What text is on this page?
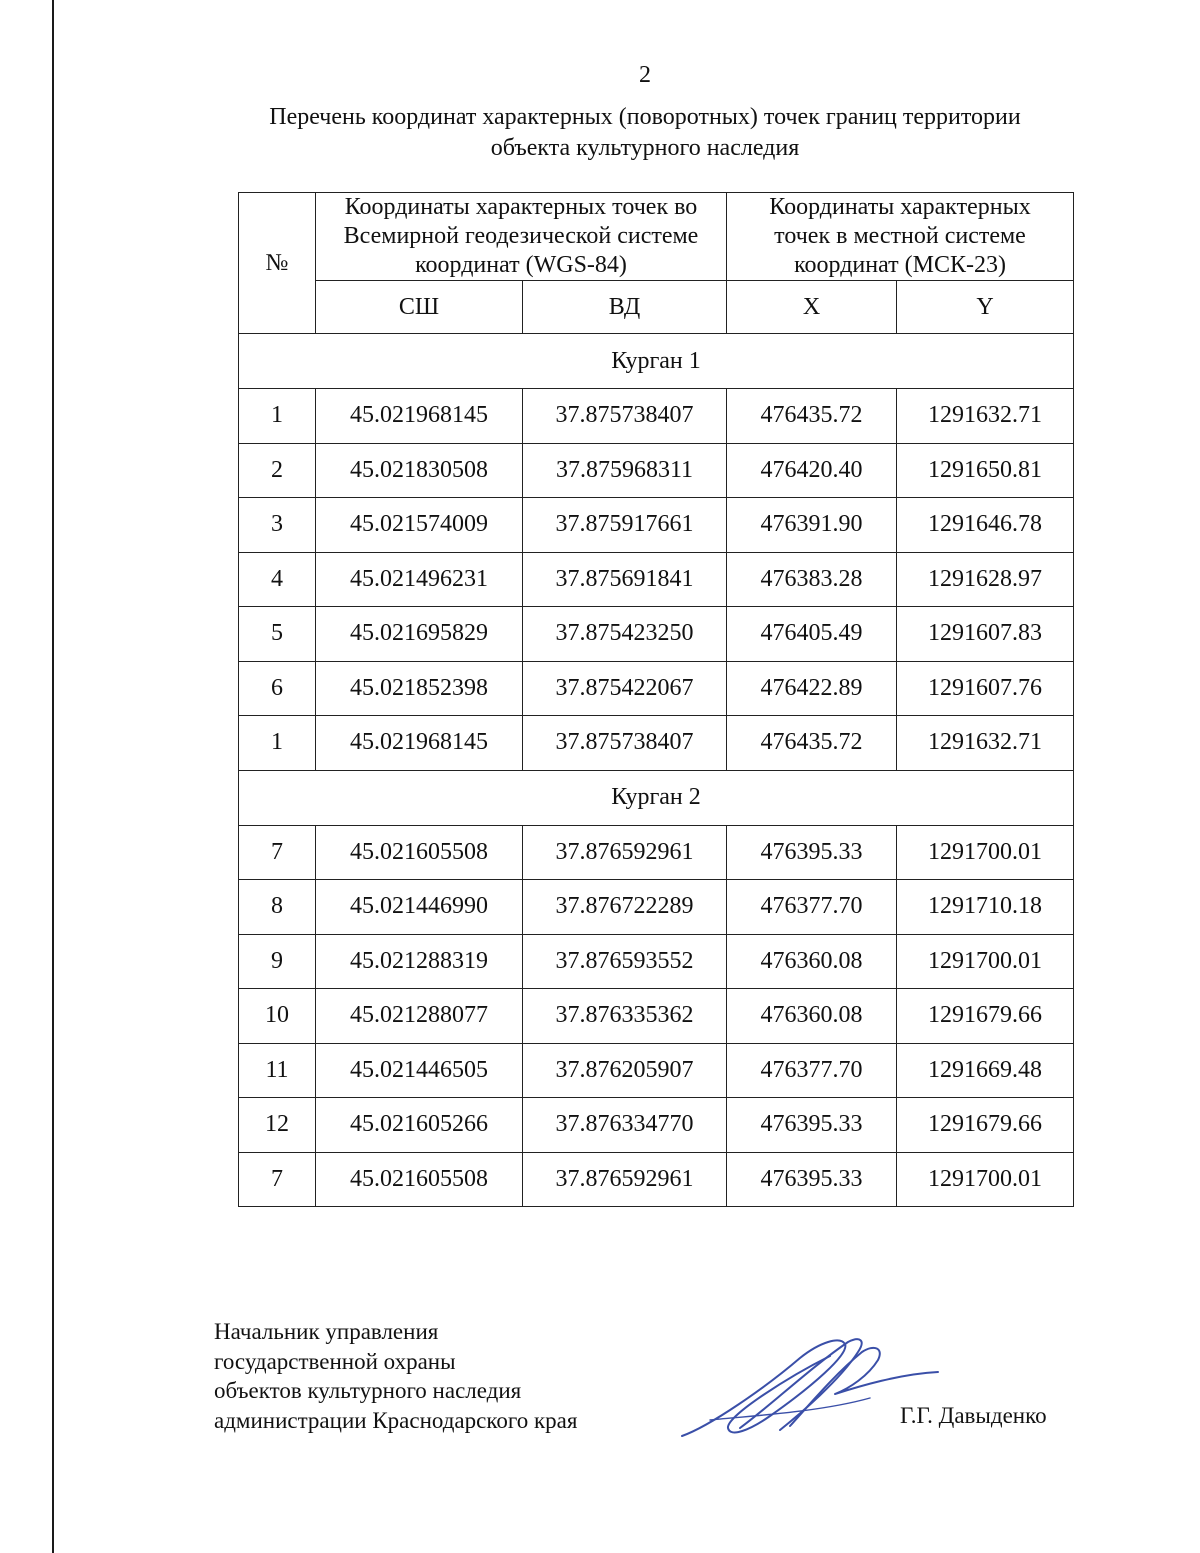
2
Перечень координат характерных (поворотных) точек границ территории
объекта культурного наследия
№	Координаты характерных точек во Всемирной геодезической системе координат (WGS-84)		Координаты характерных точек в местной системе координат (МСК-23)	
	СШ	ВД	X	Y
Курган 1				
1	45.021968145	37.875738407	476435.72	1291632.71
2	45.021830508	37.875968311	476420.40	1291650.81
3	45.021574009	37.875917661	476391.90	1291646.78
4	45.021496231	37.875691841	476383.28	1291628.97
5	45.021695829	37.875423250	476405.49	1291607.83
6	45.021852398	37.875422067	476422.89	1291607.76
1	45.021968145	37.875738407	476435.72	1291632.71
Курган 2				
7	45.021605508	37.876592961	476395.33	1291700.01
8	45.021446990	37.876722289	476377.70	1291710.18
9	45.021288319	37.876593552	476360.08	1291700.01
10	45.021288077	37.876335362	476360.08	1291679.66
11	45.021446505	37.876205907	476377.70	1291669.48
12	45.021605266	37.876334770	476395.33	1291679.66
7	45.021605508	37.876592961	476395.33	1291700.01
Начальник управления
государственной охраны
объектов культурного наследия
администрации Краснодарского края	Г.Г. Давыденко
